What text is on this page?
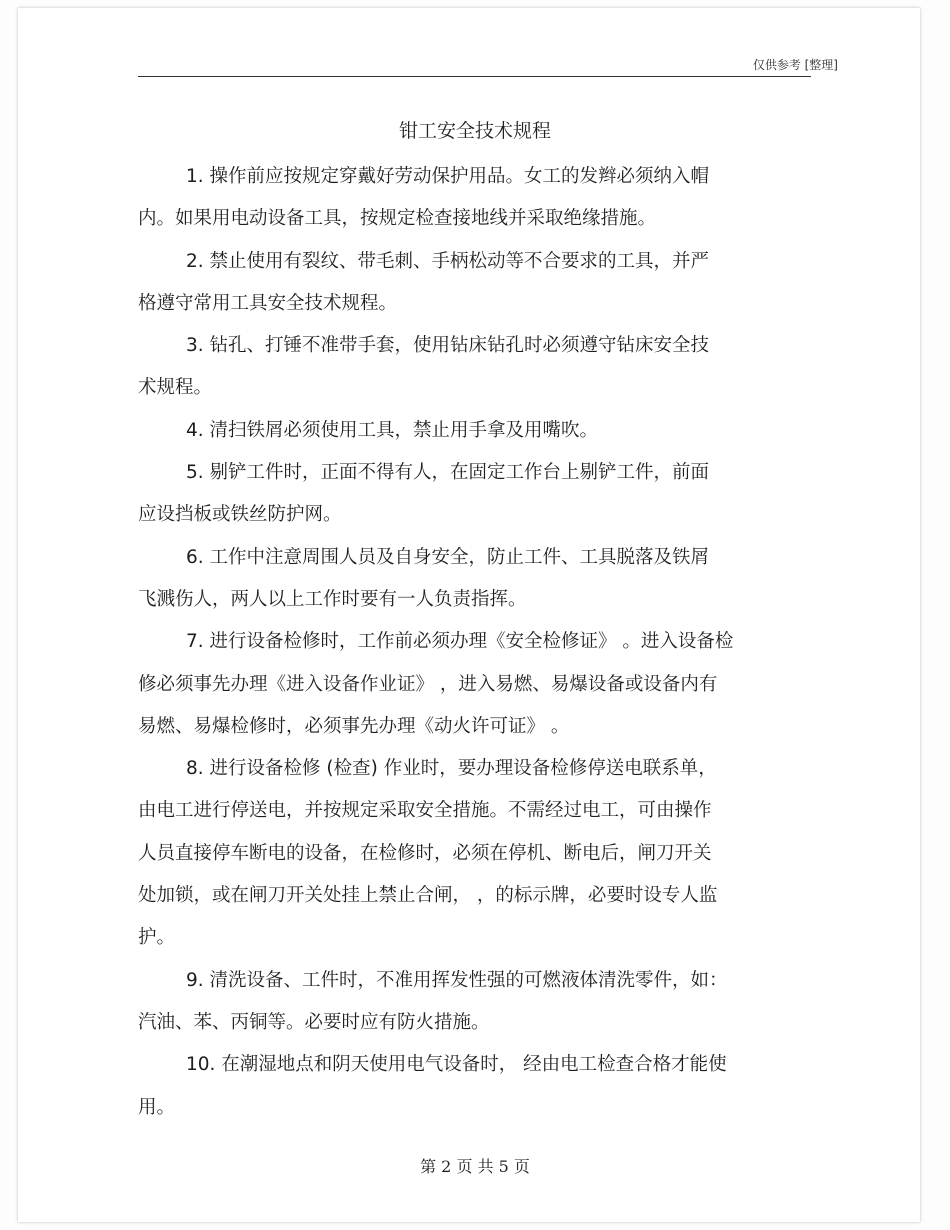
仅供参考 [整理]
钳工安全技术规程
1. 操作前应按规定穿戴好劳动保护用品。女工的发辫必须纳入帽
内。如果用电动设备工具，按规定检查接地线并采取绝缘措施。
2. 禁止使用有裂纹、带毛刺、手柄松动等不合要求的工具，并严
格遵守常用工具安全技术规程。
3. 钻孔、打锤不准带手套，使用钻床钻孔时必须遵守钻床安全技
术规程。
4. 清扫铁屑必须使用工具，禁止用手拿及用嘴吹。
5. 剔铲工件时，正面不得有人，在固定工作台上剔铲工件，前面
应设挡板或铁丝防护网。
6. 工作中注意周围人员及自身安全，防止工件、工具脱落及铁屑
飞溅伤人，两人以上工作时要有一人负责指挥。
7. 进行设备检修时，工作前必须办理《安全检修证》 。进入设备检
修必须事先办理《进入设备作业证》 ，进入易燃、易爆设备或设备内有
易燃、易爆检修时，必须事先办理《动火许可证》 。
8. 进行设备检修 (检查) 作业时，要办理设备检修停送电联系单，
由电工进行停送电，并按规定采取安全措施。不需经过电工，可由操作
人员直接停车断电的设备，在检修时，必须在停机、断电后，闸刀开关
处加锁，或在闸刀开关处挂上禁止合闸， ，的标示牌，必要时设专人监
护。
9. 清洗设备、工件时，不准用挥发性强的可燃液体清洗零件，如：
汽油、苯、丙铜等。必要时应有防火措施。
10. 在潮湿地点和阴天使用电气设备时， 经由电工检查合格才能使
用。
第 2 页 共 5 页
